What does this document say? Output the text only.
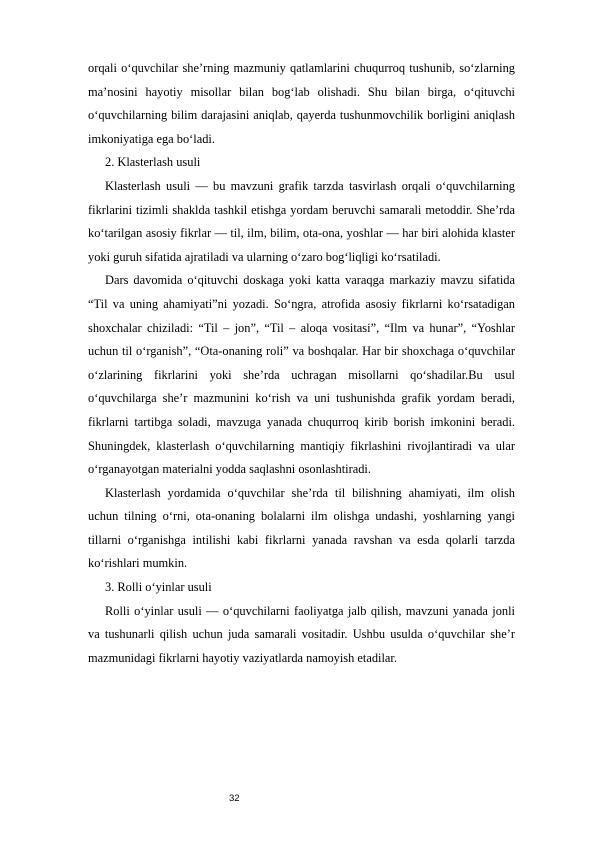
orqali o‘quvchilar she’rning mazmuniy qatlamlarini chuqurroq tushunib, so‘zlarning ma’nosini hayotiy misollar bilan bog‘lab olishadi. Shu bilan birga, o‘qituvchi o‘quvchilarning bilim darajasini aniqlab, qayerda tushunmovchilik borligini aniqlash imkoniyatiga ega bo‘ladi.

2. Klasterlash usuli

Klasterlash usuli — bu mavzuni grafik tarzda tasvirlash orqali o‘quvchilarning fikrlarini tizimli shaklda tashkil etishga yordam beruvchi samarali metoddir. She’rda ko‘tarilgan asosiy fikrlar — til, ilm, bilim, ota-ona, yoshlar — har biri alohida klaster yoki guruh sifatida ajratiladi va ularning o‘zaro bog‘liqligi ko‘rsatiladi.

Dars davomida o‘qituvchi doskaga yoki katta varaqga markaziy mavzu sifatida “Til va uning ahamiyati”ni yozadi. So‘ngra, atrofida asosiy fikrlarni ko‘rsatadigan shoxchalar chiziladi: “Til – jon”, “Til – aloqa vositasi”, “Ilm va hunar”, “Yoshlar uchun til o‘rganish”, “Ota-onaning roli” va boshqalar. Har bir shoxchaga o‘quvchilar o‘zlarining fikrlarini yoki she’rda uchragan misollarni qo‘shadilar.Bu usul o‘quvchilarga she’r mazmunini ko‘rish va uni tushunishda grafik yordam beradi, fikrlarni tartibga soladi, mavzuga yanada chuqurroq kirib borish imkonini beradi. Shuningdek, klasterlash o‘quvchilarning mantiqiy fikrlashini rivojlantiradi va ular o‘rganayotgan materialni yodda saqlashni osonlashtiradi.

Klasterlash yordamida o‘quvchilar she’rda til bilishning ahamiyati, ilm olish uchun tilning o‘rni, ota-onaning bolalarni ilm olishga undashi, yoshlarning yangi tillarni o‘rganishga intilishi kabi fikrlarni yanada ravshan va esda qolarli tarzda ko‘rishlari mumkin.

3. Rolli o‘yinlar usuli

Rolli o‘yinlar usuli — o‘quvchilarni faoliyatga jalb qilish, mavzuni yanada jonli va tushunarli qilish uchun juda samarali vositadir. Ushbu usulda o‘quvchilar she’r mazmunidagi fikrlarni hayotiy vaziyatlarda namoyish etadilar.

32
